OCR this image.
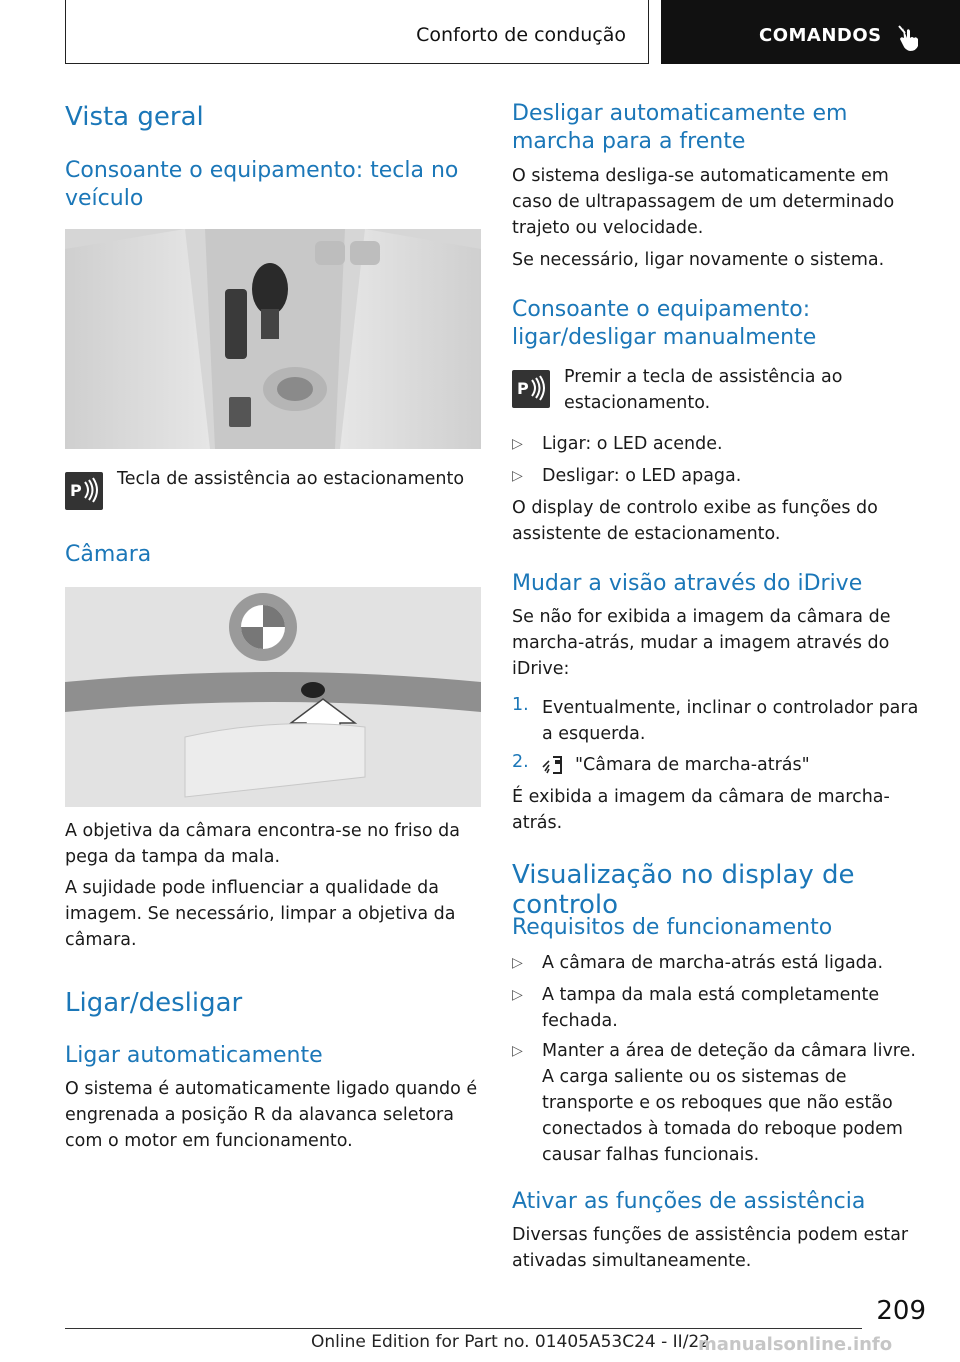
Conforto de condução	COMANDOS
Vista geral
Consoante o equipamento: tecla no veículo
P

Tecla de assistência ao estacionamento

Câmara

A objetiva da câmara encontra-se no friso da pega da tampa da mala.

A sujidade pode influenciar a qualidade da imagem. Se necessário, limpar a objetiva da câmara.

Ligar/desligar
Ligar automaticamente

O sistema é automaticamente ligado quando é engrenada a posição R da alavanca seletora com o motor em funcionamento.

Desligar automaticamente em marcha para a frente

O sistema desliga-se automaticamente em caso de ultrapassagem de um determinado trajeto ou velocidade.

Se necessário, ligar novamente o sistema.

Consoante o equipamento: ligar/desligar manualmente
P

Premir a tecla de assistência ao estacionamento.

▷ Ligar: o LED acende.

▷ Desligar: o LED apaga.

O display de controlo exibe as funções do assistente de estacionamento.

Mudar a visão através do iDrive

Se não for exibida a imagem da câmara de marcha-atrás, mudar a imagem através do iDrive:

1. Eventualmente, inclinar o controlador para a esquerda.

2.	"Câmara de marcha-atrás"

É exibida a imagem da câmara de marcha-atrás.

Visualização no display de controlo
Requisitos de funcionamento
▷ A câmara de marcha-atrás está ligada.

▷ A tampa da mala está completamente fechada.

▷ Manter a área de deteção da câmara livre. A carga saliente ou os sistemas de transporte e os reboques que não estão conectados à tomada do reboque podem causar falhas funcionais.

Ativar as funções de assistência

Diversas funções de assistência podem estar ativadas simultaneamente.

209
Online Edition for Part no. 01405A53C24 - II/22
manualsonline.info
